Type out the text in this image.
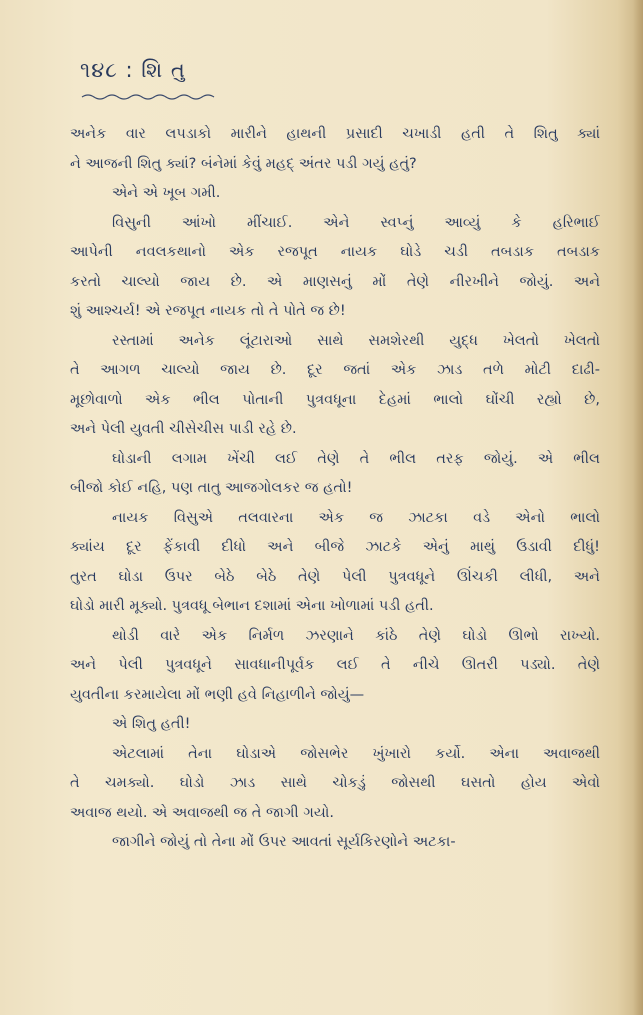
૧૪૮ : શિ તુ
અનેક વાર લપડાકો મારીને હાથની પ્રસાદી ચખાડી હતી તે શિતુ ક્યાં
ને આજની શિતુ ક્યાં? બંનેમાં કેવું મહદ્ અંતર પડી ગયું હતું?
એને એ ખૂબ ગમી.
વિસુની આંખો મીંચાઈ. એને સ્વપ્નું આવ્યું કે હરિભાઈ
આપેની નવલકથાનો એક રજપૂત નાયક ઘોડે ચડી તબડાક તબડાક
કરતો ચાલ્યો જાય છે. એ માણસનું મોં તેણે નીરખીને જોયું. અને
શું આશ્ચર્ય! એ રજપૂત નાયક તો તે પોતે જ છે!
રસ્તામાં અનેક લૂંટારાઓ સાથે સમશેરથી યુદ્ધ ખેલતો ખેલતો
તે આગળ ચાલ્યો જાય છે. દૂર જતાં એક ઝાડ તળે મોટી દાઢી-
મૂછોવાળો એક ભીલ પોતાની પુત્રવધૂના દેહમાં ભાલો ઘોંચી રહ્યો છે,
અને પેલી યુવતી ચીસેચીસ પાડી રહે છે.
ઘોડાની લગામ ખેંચી લઈ તેણે તે ભીલ તરફ જોયું. એ ભીલ
બીજો કોઈ નહિ, પણ તાતુ આજગોલકર જ હતો!
નાયક વિસુએ તલવારના એક જ ઝાટકા વડે એનો ભાલો
ક્યાંય દૂર ફેંકાવી દીધો અને બીજે ઝાટકે એનું માથું ઉડાવી દીધું!
તુરત ઘોડા ઉપર બેઠે બેઠે તેણે પેલી પુત્રવધૂને ઊંચકી લીધી, અને
ઘોડો મારી મૂક્યો. પુત્રવધૂ બેભાન દશામાં એના ખોળામાં પડી હતી.
થોડી વારે એક નિર્મળ ઝરણાને કાંઠે તેણે ઘોડો ઊભો રાખ્યો.
અને પેલી પુત્રવધૂને સાવધાનીપૂર્વક લઈ તે નીચે ઊતરી પડ્યો. તેણે
યુવતીના કરમાયેલા મોં ભણી હવે નિહાળીને જોયું—
એ શિતુ હતી!
એટલામાં તેના ઘોડાએ જોસભેર ખુંખારો કર્યો. એના અવાજથી
તે ચમક્યો. ઘોડો ઝાડ સાથે ચોકડું જોસથી ઘસતો હોય એવો
અવાજ થયો. એ અવાજથી જ તે જાગી ગયો.
જાગીને જોયું તો તેના મોં ઉપર આવતાં સૂર્યકિરણોને અટકા-
